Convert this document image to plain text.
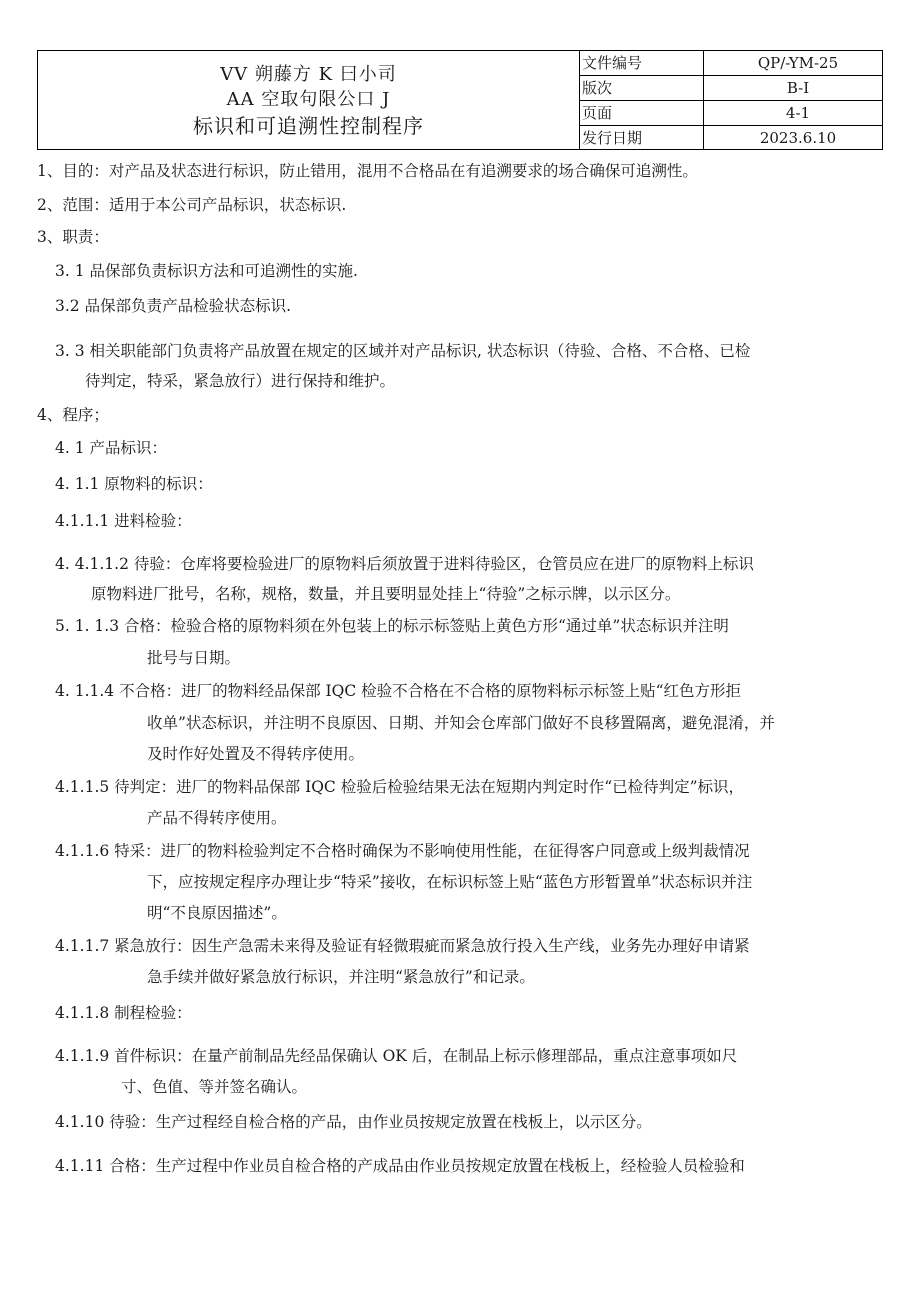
VV 朔藤方 K 曰小司
AA 空取句限公口 J
标识和可追溯性控制程序
文件编号	QP/-YM-25
版次	B-I
页面	4-1
发行日期	2023.6.10
1、目的：对产品及状态进行标识，防止错用，混用不合格品在有追溯要求的场合确保可追溯性。
2、范围：适用于本公司产品标识，状态标识.
3、职责：
3. 1 品保部负责标识方法和可追溯性的实施.
3.2 品保部负责产品检验状态标识.
3. 3 相关职能部门负责将产品放置在规定的区域并对产品标识, 状态标识（待验、合格、不合格、已检
待判定，特采，紧急放行）进行保持和维护。
4、程序；
4. 1 产品标识：
4. 1.1 原物料的标识：
4.1.1.1 进料检验：
4. 4.1.1.2 待验：仓库将要检验进厂的原物料后须放置于进料待验区，仓管员应在进厂的原物料上标识
原物料进厂批号，名称，规格，数量，并且要明显处挂上“待验”之标示牌，以示区分。
5. 1. 1.3 合格：检验合格的原物料须在外包装上的标示标签贴上黄色方形“通过单”状态标识并注明
批号与日期。
4. 1.1.4 不合格：进厂的物料经品保部 IQC 检验不合格在不合格的原物料标示标签上贴“红色方形拒
收单”状态标识，并注明不良原因、日期、并知会仓库部门做好不良移置隔离，避免混淆，并
及时作好处置及不得转序使用。
4.1.1.5 待判定：进厂的物料品保部 IQC 检验后检验结果无法在短期内判定时作“已检待判定”标识，
产品不得转序使用。
4.1.1.6 特采：进厂的物料检验判定不合格时确保为不影响使用性能，在征得客户同意或上级判裁情况
下，应按规定程序办理让步“特采”接收，在标识标签上贴“蓝色方形暂置单”状态标识并注
明“不良原因描述”。
4.1.1.7 紧急放行：因生产急需未来得及验证有轻微瑕疵而紧急放行投入生产线，业务先办理好申请紧
急手续并做好紧急放行标识，并注明“紧急放行”和记录。
4.1.1.8 制程检验：
4.1.1.9 首件标识：在量产前制品先经品保确认 OK 后，在制品上标示修理部品，重点注意事项如尺
寸、色值、等并签名确认。
4.1.10 待验：生产过程经自检合格的产品，由作业员按规定放置在栈板上，以示区分。
4.1.11 合格：生产过程中作业员自检合格的产成品由作业员按规定放置在栈板上，经检验人员检验和
